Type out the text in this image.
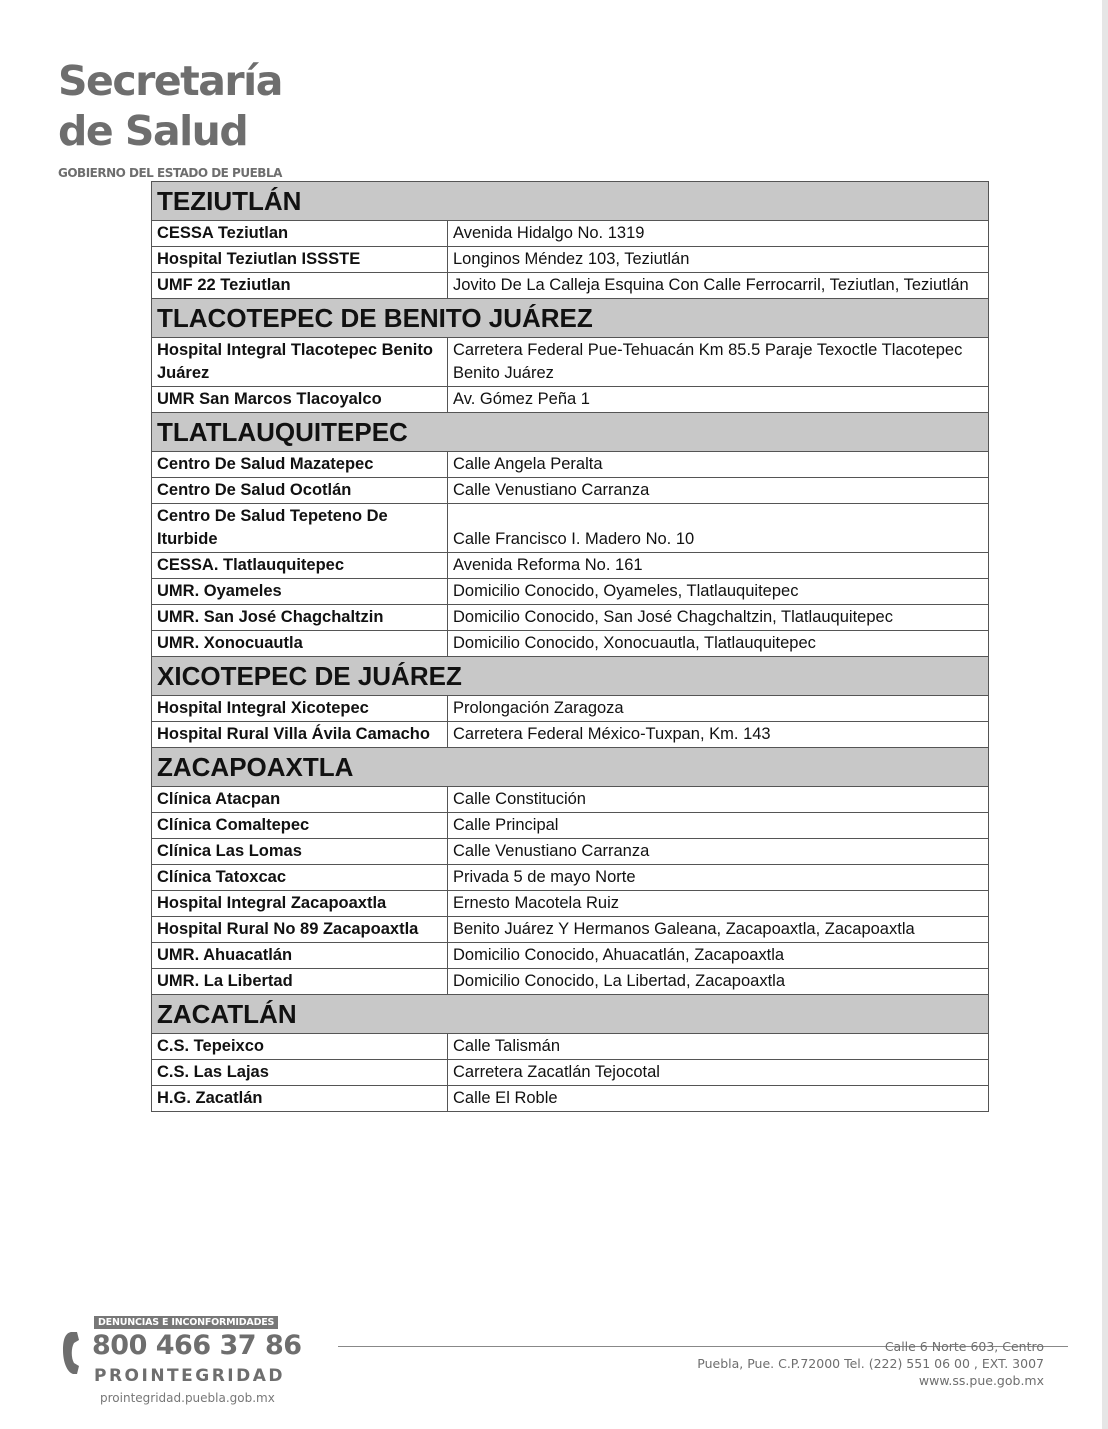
Secretaría
de Salud
GOBIERNO DEL ESTADO DE PUEBLA
TEZIUTLÁN	
CESSA Teziutlan	Avenida Hidalgo No. 1319
Hospital Teziutlan ISSSTE	Longinos Méndez 103, Teziutlán
UMF 22 Teziutlan	Jovito De La Calleja Esquina Con Calle Ferrocarril, Teziutlan, Teziutlán
TLACOTEPEC DE BENITO JUÁREZ	
Hospital Integral Tlacotepec Benito Juárez	Carretera Federal Pue-Tehuacán Km 85.5 Paraje Texoctle Tlacotepec Benito Juárez
UMR San Marcos Tlacoyalco	Av. Gómez Peña 1
TLATLAUQUITEPEC	
Centro De Salud Mazatepec	Calle Angela Peralta
Centro De Salud Ocotlán	Calle Venustiano Carranza
Centro De Salud Tepeteno De Iturbide	Calle Francisco I. Madero No. 10
CESSA. Tlatlauquitepec	Avenida Reforma No. 161
UMR. Oyameles	Domicilio Conocido, Oyameles, Tlatlauquitepec
UMR. San José Chagchaltzin	Domicilio Conocido, San José Chagchaltzin, Tlatlauquitepec
UMR. Xonocuautla	Domicilio Conocido, Xonocuautla, Tlatlauquitepec
XICOTEPEC DE JUÁREZ	
Hospital Integral Xicotepec	Prolongación Zaragoza
Hospital Rural Villa Ávila Camacho	Carretera Federal México-Tuxpan, Km. 143
ZACAPOAXTLA	
Clínica Atacpan	Calle Constitución
Clínica Comaltepec	Calle Principal
Clínica Las Lomas	Calle Venustiano Carranza
Clínica Tatoxcac	Privada 5 de mayo Norte
Hospital Integral Zacapoaxtla	Ernesto Macotela Ruiz
Hospital Rural No 89 Zacapoaxtla	Benito Juárez Y Hermanos Galeana, Zacapoaxtla, Zacapoaxtla
UMR. Ahuacatlán	Domicilio Conocido, Ahuacatlán, Zacapoaxtla
UMR. La Libertad	Domicilio Conocido, La Libertad, Zacapoaxtla
ZACATLÁN	
C.S. Tepeixco	Calle Talismán
C.S. Las Lajas	Carretera Zacatlán Tejocotal
H.G. Zacatlán	Calle El Roble
DENUNCIAS E INCONFORMIDADES
800 466 37 86
PROINTEGRIDAD
prointegridad.puebla.gob.mx
Calle 6 Norte 603, Centro
Puebla, Pue. C.P.72000 Tel. (222) 551 06 00 , EXT. 3007
www.ss.pue.gob.mx
